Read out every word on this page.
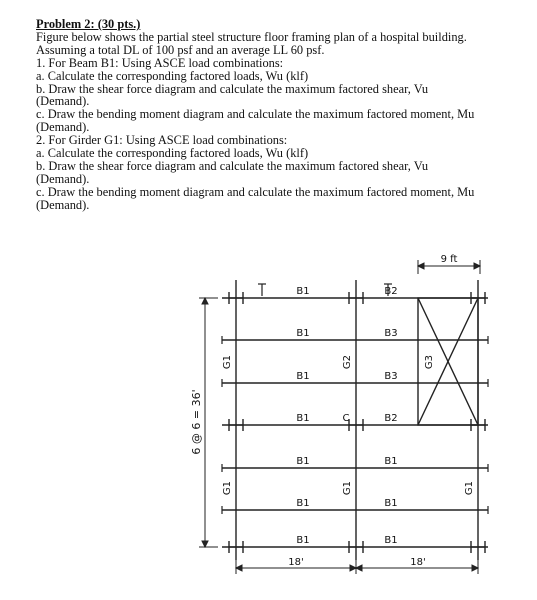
Problem 2: (30 pts.)
Figure below shows the partial steel structure floor framing plan of a hospital building.
Assuming a total DL of 100 psf and an average LL 60 psf.
1. For Beam B1: Using ASCE load combinations:
a. Calculate the corresponding factored loads, Wu (klf)
b. Draw the shear force diagram and calculate the maximum factored shear, Vu
(Demand).
c. Draw the bending moment diagram and calculate the maximum factored moment, Mu
(Demand).
2. For Girder G1: Using ASCE load combinations:
a. Calculate the corresponding factored loads, Wu (klf)
b. Draw the shear force diagram and calculate the maximum factored shear, Vu
(Demand).
c. Draw the bending moment diagram and calculate the maximum factored moment, Mu
(Demand).
9 ft
6 @ 6 = 36'
18'	18'
B1
B1
B1
B1
B1
B1
B1
B2
B3
B3
B2
B1
B1
B1
G1
G1
G2
G1
G3
G1
C
